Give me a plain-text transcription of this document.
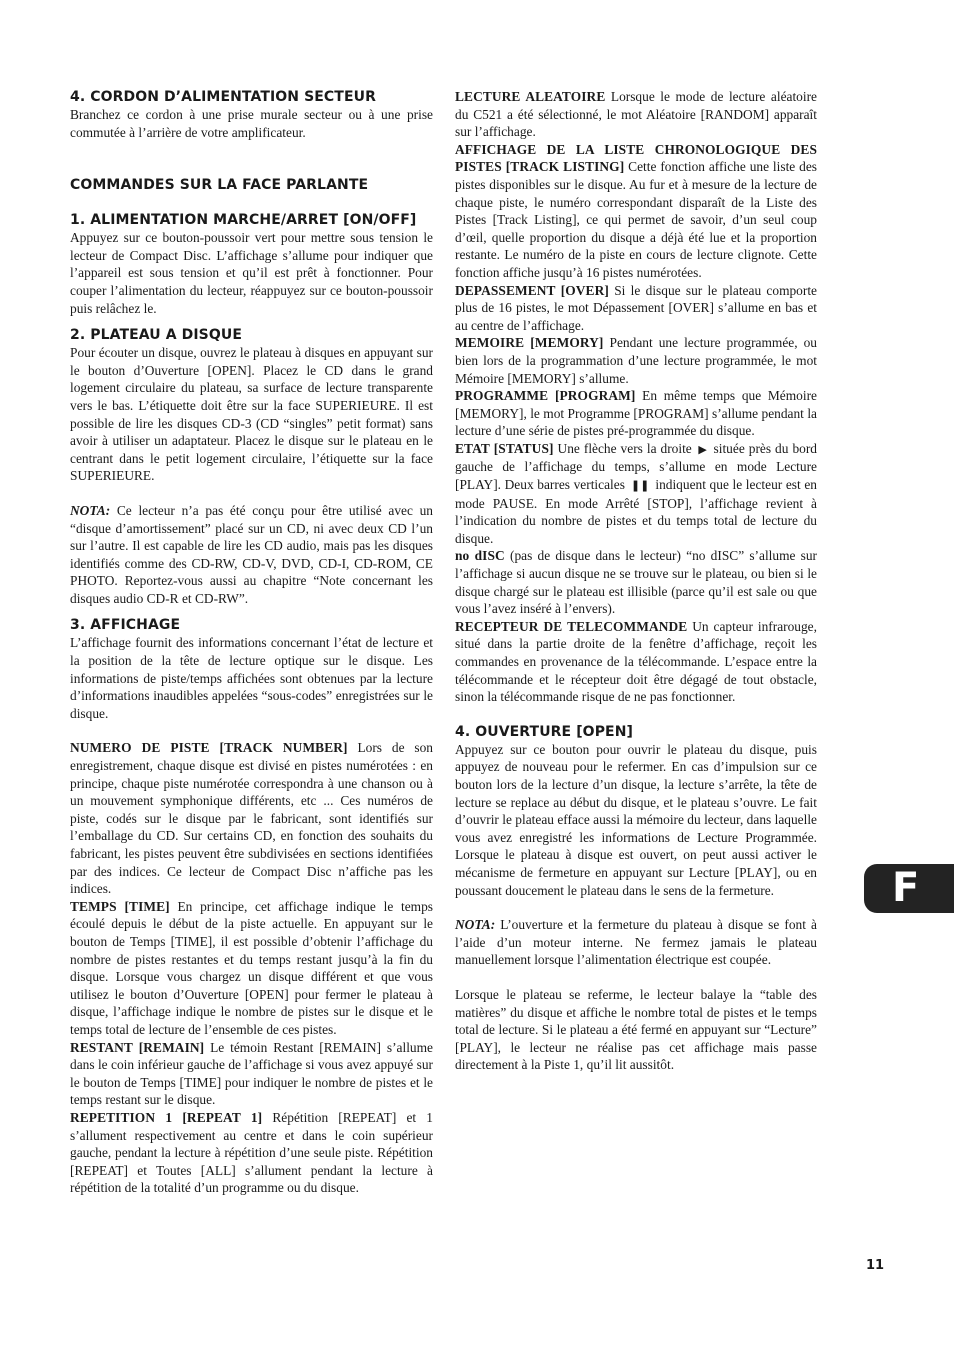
4. CORDON D’ALIMENTATION SECTEUR

Branchez ce cordon à une prise murale secteur ou à une prise commutée à l’arrière de votre amplificateur.

COMMANDES SUR LA FACE PARLANTE
1. ALIMENTATION MARCHE/ARRET [ON/OFF]

Appuyez sur ce bouton-poussoir vert pour mettre sous tension le lecteur de Compact Disc. L’affichage s’allume pour indiquer que l’appareil est sous tension et qu’il est prêt à fonctionner. Pour couper l’alimentation du lecteur, réappuyez sur ce bouton-poussoir puis relâchez le.

2. PLATEAU A DISQUE

Pour écouter un disque, ouvrez le plateau à disques en appuyant sur le bouton d’Ouverture [OPEN]. Placez le CD dans le grand logement circulaire du plateau, sa surface de lecture transparente vers le bas. L’étiquette doit être sur la face SUPERIEURE. Il est possible de lire les disques CD-3 (CD “singles” petit format) sans avoir à utiliser un adaptateur. Placez le disque sur le plateau en le centrant dans le petit logement circulaire, l’étiquette sur la face SUPERIEURE.

NOTA: Ce lecteur n’a pas été conçu pour être utilisé avec un “disque d’amortissement” placé sur un CD, ni avec deux CD l’un sur l’autre. Il est capable de lire les CD audio, mais pas les disques identifiés comme des CD-RW, CD-V, DVD, CD-I, CD-ROM, CE PHOTO. Reportez-vous aussi au chapitre “Note concernant les disques audio CD-R et CD-RW”.

3. AFFICHAGE

L’affichage fournit des informations concernant l’état de lecture et la position de la tête de lecture optique sur le disque. Les informations de piste/temps affichées sont obtenues par la lecture d’informations inaudibles appelées “sous-codes” enregistrées sur le disque.

NUMERO DE PISTE [TRACK NUMBER] Lors de son enregistrement, chaque disque est divisé en pistes numérotées : en principe, chaque piste numérotée correspondra à une chanson ou à un mouvement symphonique différents, etc ... Ces numéros de piste, codés sur le disque par le fabricant, sont identifiés sur l’emballage du CD. Sur certains CD, en fonction des souhaits du fabricant, les pistes peuvent être subdivisées en sections identifiées par des indices. Ce lecteur de Compact Disc n’affiche pas les indices.

TEMPS [TIME] En principe, cet affichage indique le temps écoulé depuis le début de la piste actuelle. En appuyant sur le bouton de Temps [TIME], il est possible d’obtenir l’affichage du nombre de pistes restantes et du temps restant jusqu’à la fin du disque. Lorsque vous chargez un disque différent et que vous utilisez le bouton d’Ouverture [OPEN] pour fermer le plateau à disque, l’affichage indique le nombre de pistes sur le disque et le temps total de lecture de l’ensemble de ces pistes.

RESTANT [REMAIN] Le témoin Restant [REMAIN] s’allume dans le coin inférieur gauche de l’affichage si vous avez appuyé sur le bouton de Temps [TIME] pour indiquer le nombre de pistes et le temps restant sur le disque.

REPETITION 1 [REPEAT 1] Répétition [REPEAT] et 1 s’allument respectivement au centre et dans le coin supérieur gauche, pendant la lecture à répétition d’une seule piste. Répétition [REPEAT] et Toutes [ALL] s’allument pendant la lecture à répétition de la totalité d’un programme ou du disque.

LECTURE ALEATOIRE Lorsque le mode de lecture aléatoire du C521 a été sélectionné, le mot Aléatoire [RANDOM] apparaît sur l’affichage.

AFFICHAGE DE LA LISTE CHRONOLOGIQUE DES PISTES [TRACK LISTING] Cette fonction affiche une liste des pistes disponibles sur le disque. Au fur et à mesure de la lecture de chaque piste, le numéro correspondant disparaît de la Liste des Pistes [Track Listing], ce qui permet de savoir, d’un seul coup d’œil, quelle proportion du disque a déjà été lue et la proportion restante. Le numéro de la piste en cours de lecture clignote. Cette fonction affiche jusqu’à 16 pistes numérotées.

DEPASSEMENT [OVER] Si le disque sur le plateau comporte plus de 16 pistes, le mot Dépassement [OVER] s’allume en bas et au centre de l’affichage.

MEMOIRE [MEMORY] Pendant une lecture programmée, ou bien lors de la programmation d’une lecture programmée, le mot Mémoire [MEMORY] s’allume.

PROGRAMME [PROGRAM] En même temps que Mémoire [MEMORY], le mot Programme [PROGRAM] s’allume pendant la lecture d’une série de pistes pré-programmée du disque.

ETAT [STATUS] Une flèche vers la droite ▶ située près du bord gauche de l’affichage du temps, s’allume en mode Lecture [PLAY]. Deux barres verticales ❚❚ indiquent que le lecteur est en mode PAUSE. En mode Arrêté [STOP], l’affichage revient à l’indication du nombre de pistes et du temps total de lecture du disque.

no dISC (pas de disque dans le lecteur) “no dISC” s’allume sur l’affichage si aucun disque ne se trouve sur le plateau, ou bien si le disque chargé sur le plateau est illisible (parce qu’il est sale ou que vous l’avez inséré à l’envers).

RECEPTEUR DE TELECOMMANDE Un capteur infrarouge, situé dans la partie droite de la fenêtre d’affichage, reçoit les commandes en provenance de la télécommande. L’espace entre la télécommande et le récepteur doit être dégagé de tout obstacle, sinon la télécommande risque de ne pas fonctionner.

4. OUVERTURE [OPEN]

Appuyez sur ce bouton pour ouvrir le plateau du disque, puis appuyez de nouveau pour le refermer. En cas d’impulsion sur ce bouton lors de la lecture d’un disque, la lecture s’arrête, la tête de lecture se replace au début du disque, et le plateau s’ouvre. Le fait d’ouvrir le plateau efface aussi la mémoire du lecteur, dans laquelle vous avez enregistré les informations de Lecture Programmée. Lorsque le plateau à disque est ouvert, on peut aussi activer le mécanisme de fermeture en appuyant sur Lecture [PLAY], ou en poussant doucement le plateau dans le sens de la fermeture.

NOTA: L’ouverture et la fermeture du plateau à disque se font à l’aide d’un moteur interne. Ne fermez jamais le plateau manuellement lorsque l’alimentation électrique est coupée.

Lorsque le plateau se referme, le lecteur balaye la “table des matières” du disque et affiche le nombre total de pistes et le temps total de lecture. Si le plateau a été fermé en appuyant sur “Lecture” [PLAY], le lecteur ne réalise pas cet affichage mais passe directement à la Piste 1, qu’il lit aussitôt.

F
11
